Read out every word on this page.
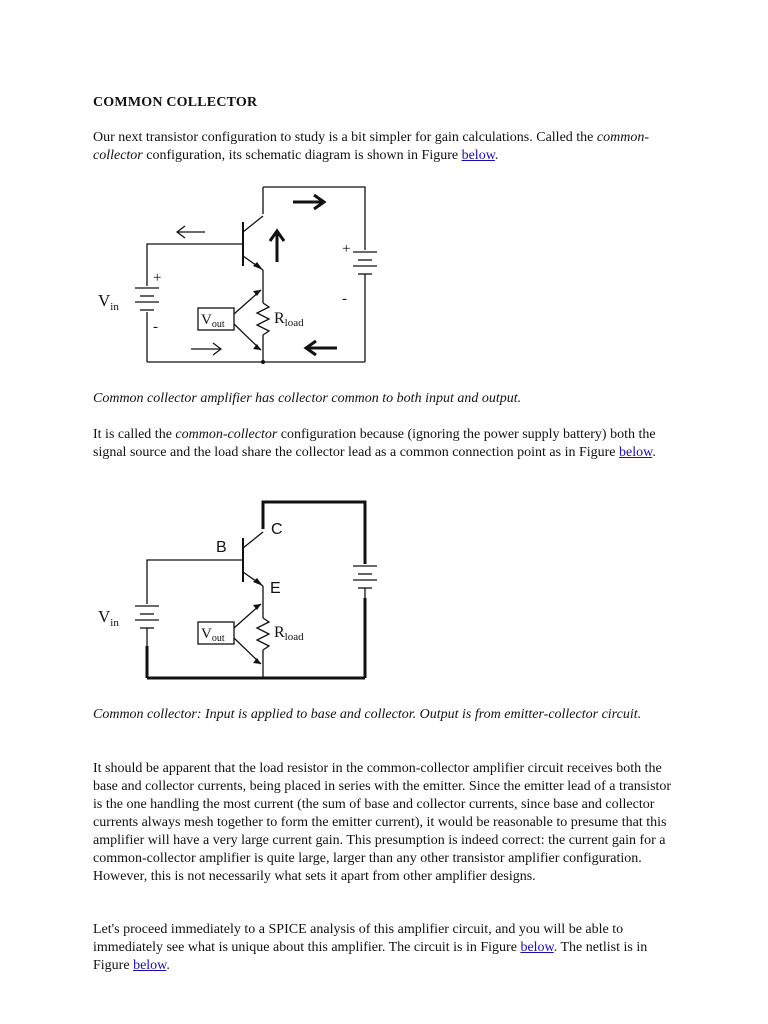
COMMON COLLECTOR
Our next transistor configuration to study is a bit simpler for gain calculations. Called the common-collector configuration, its schematic diagram is shown in Figure below.
+
-
+
-
$V_{in}$
$V_{out}$	Rload
Common collector amplifier has collector common to both input and output.
It is called the common-collector configuration because (ignoring the power supply battery) both the signal source and the load share the collector lead as a common connection point as in Figure below.
B
C
E
$V_{in}$
$V_{out}$	Rload
Common collector: Input is applied to base and collector. Output is from emitter-collector circuit.
It should be apparent that the load resistor in the common-collector amplifier circuit receives both the base and collector currents, being placed in series with the emitter. Since the emitter lead of a transistor is the one handling the most current (the sum of base and collector currents, since base and collector currents always mesh together to form the emitter current), it would be reasonable to presume that this amplifier will have a very large current gain. This presumption is indeed correct: the current gain for a common-collector amplifier is quite large, larger than any other transistor amplifier configuration. However, this is not necessarily what sets it apart from other amplifier designs.
Let's proceed immediately to a SPICE analysis of this amplifier circuit, and you will be able to immediately see what is unique about this amplifier. The circuit is in Figure below. The netlist is in Figure below.
